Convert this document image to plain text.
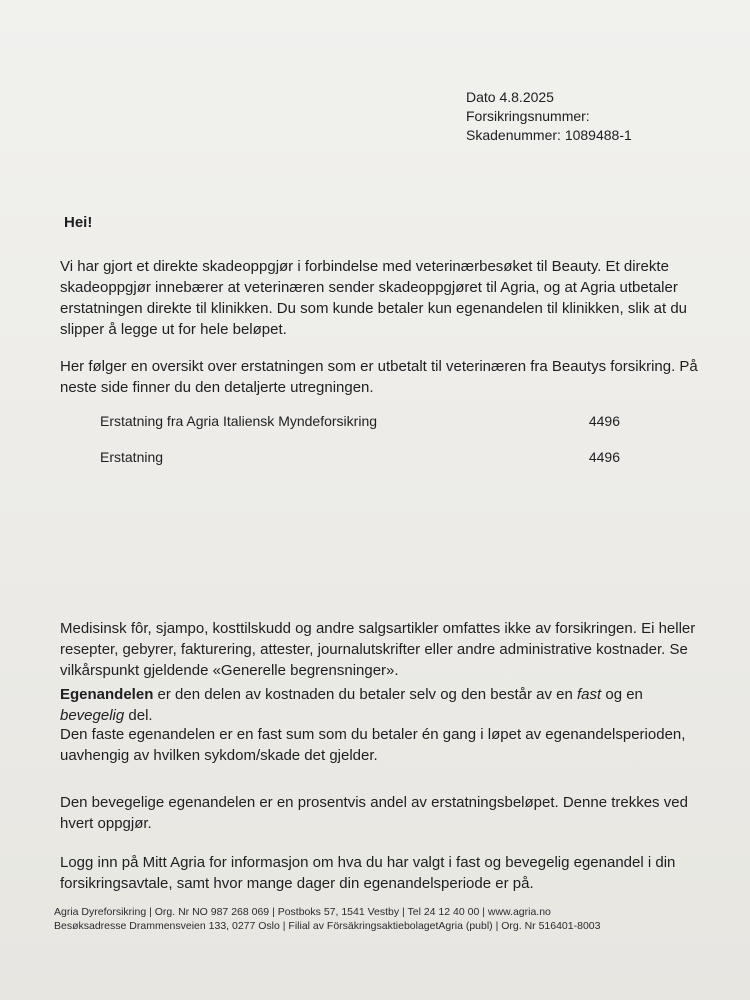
Dato 4.8.2025
Forsikringsnummer:
Skadenummer: 1089488-1
Hei!
Vi har gjort et direkte skadeoppgjør i forbindelse med veterinærbesøket til Beauty. Et direkte skadeoppgjør innebærer at veterinæren sender skadeoppgjøret til Agria, og at Agria utbetaler erstatningen direkte til klinikken. Du som kunde betaler kun egenandelen til klinikken, slik at du slipper å legge ut for hele beløpet.
Her følger en oversikt over erstatningen som er utbetalt til veterinæren fra Beautys forsikring. På neste side finner du den detaljerte utregningen.
Erstatning fra Agria Italiensk Myndeforsikring	4496
Erstatning	4496
Medisinsk fôr, sjampo, kosttilskudd og andre salgsartikler omfattes ikke av forsikringen. Ei heller resepter, gebyrer, fakturering, attester, journalutskrifter eller andre administrative kostnader. Se vilkårspunkt gjeldende «Generelle begrensninger».
Egenandelen er den delen av kostnaden du betaler selv og den består av en fast og en bevegelig del.
Den faste egenandelen er en fast sum som du betaler én gang i løpet av egenandelsperioden, uavhengig av hvilken sykdom/skade det gjelder.
Den bevegelige egenandelen er en prosentvis andel av erstatningsbeløpet. Denne trekkes ved hvert oppgjør.
Logg inn på Mitt Agria for informasjon om hva du har valgt i fast og bevegelig egenandel i din forsikringsavtale, samt hvor mange dager din egenandelsperiode er på.
Agria Dyreforsikring | Org. Nr NO 987 268 069 | Postboks 57, 1541 Vestby | Tel 24 12 40 00 | www.agria.no
Besøksadresse Drammensveien 133, 0277 Oslo | Filial av FörsäkringsaktiebolagetAgria (publ) | Org. Nr 516401-8003
